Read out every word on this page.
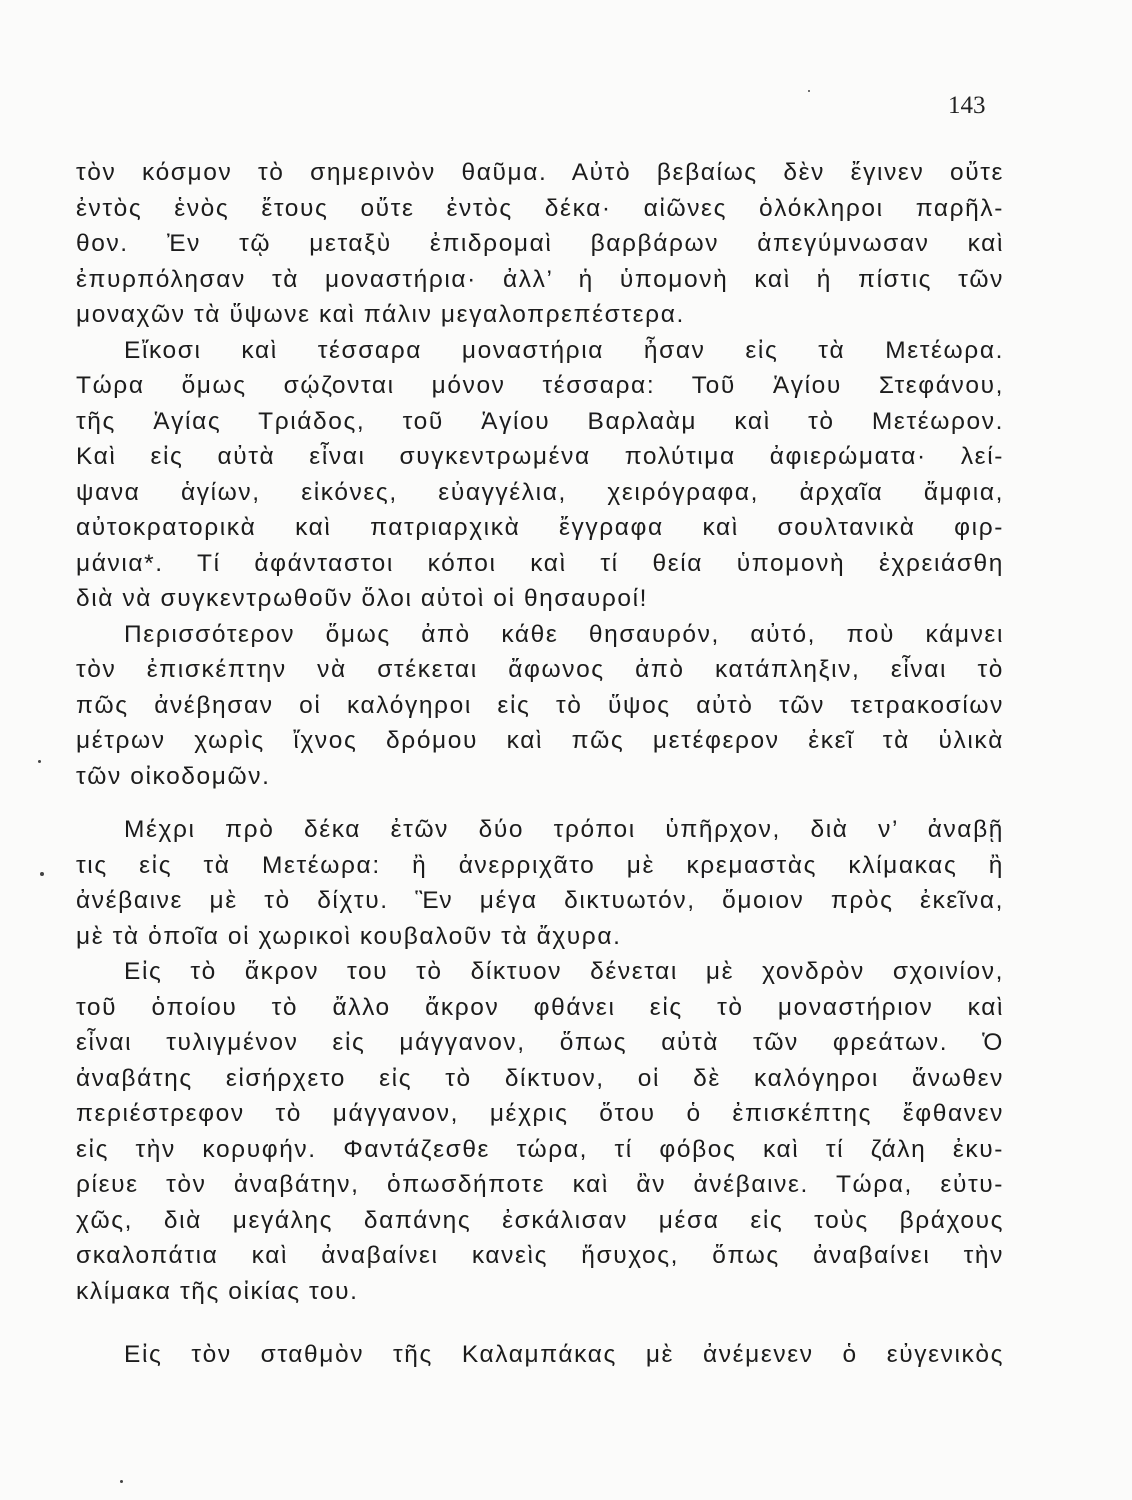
143
τὸν κόσμον τὸ σημερινὸν θαῦμα. Αὐτὸ βεβαίως δὲν ἔγινεν οὔτε
ἐντὸς ἑνὸς ἔτους οὔτε ἐντὸς δέκα· αἰῶνες ὁλόκληροι παρῆλ-
θον. Ἐν τῷ μεταξὺ ἐπιδρομαὶ βαρβάρων ἀπεγύμνωσαν καὶ
ἐπυρπόλησαν τὰ μοναστήρια· ἀλλ’ ἡ ὑπομονὴ καὶ ἡ πίστις τῶν
μοναχῶν τὰ ὕψωνε καὶ πάλιν μεγαλοπρεπέστερα.
Εἴκοσι καὶ τέσσαρα μοναστήρια ἦσαν εἰς τὰ Μετέωρα.
Τώρα ὅμως σῴζονται μόνον τέσσαρα: Τοῦ Ἁγίου Στεφάνου,
τῆς Ἁγίας Τριάδος, τοῦ Ἁγίου Βαρλαὰμ καὶ τὸ Μετέωρον.
Καὶ εἰς αὐτὰ εἶναι συγκεντρωμένα πολύτιμα ἀφιερώματα· λεί-
ψανα ἁγίων, εἰκόνες, εὐαγγέλια, χειρόγραφα, ἀρχαῖα ἄμφια,
αὐτοκρατορικὰ καὶ πατριαρχικὰ ἔγγραφα καὶ σουλτανικὰ φιρ-
μάνια*. Τί ἀφάνταστοι κόποι καὶ τί θεία ὑπομονὴ ἐχρειάσθη
διὰ νὰ συγκεντρωθοῦν ὅλοι αὐτοὶ οἱ θησαυροί!
Περισσότερον ὅμως ἀπὸ κάθε θησαυρόν, αὐτό, ποὺ κάμνει
τὸν ἐπισκέπτην νὰ στέκεται ἄφωνος ἀπὸ κατάπληξιν, εἶναι τὸ
πῶς ἀνέβησαν οἱ καλόγηροι εἰς τὸ ὕψος αὐτὸ τῶν τετρακοσίων
μέτρων χωρὶς ἴχνος δρόμου καὶ πῶς μετέφερον ἐκεῖ τὰ ὑλικὰ
τῶν οἰκοδομῶν.
Μέχρι πρὸ δέκα ἐτῶν δύο τρόποι ὑπῆρχον, διὰ ν’ ἀναβῇ
τις εἰς τὰ Μετέωρα: ἢ ἀνερριχᾶτο μὲ κρεμαστὰς κλίμακας ἢ
ἀνέβαινε μὲ τὸ δίχτυ. Ἓν μέγα δικτυωτόν, ὅμοιον πρὸς ἐκεῖνα,
μὲ τὰ ὁποῖα οἱ χωρικοὶ κουβαλοῦν τὰ ἄχυρα.
Εἰς τὸ ἄκρον του τὸ δίκτυον δένεται μὲ χονδρὸν σχοινίον,
τοῦ ὁποίου τὸ ἄλλο ἄκρον φθάνει εἰς τὸ μοναστήριον καὶ
εἶναι τυλιγμένον εἰς μάγγανον, ὅπως αὐτὰ τῶν φρεάτων. Ὁ
ἀναβάτης εἰσήρχετο εἰς τὸ δίκτυον, οἱ δὲ καλόγηροι ἄνωθεν
περιέστρεφον τὸ μάγγανον, μέχρις ὅτου ὁ ἐπισκέπτης ἔφθανεν
εἰς τὴν κορυφήν. Φαντάζεσθε τώρα, τί φόβος καὶ τί ζάλη ἐκυ-
ρίευε τὸν ἀναβάτην, ὁπωσδήποτε καὶ ἂν ἀνέβαινε. Τώρα, εὐτυ-
χῶς, διὰ μεγάλης δαπάνης ἐσκάλισαν μέσα εἰς τοὺς βράχους
σκαλοπάτια καὶ ἀναβαίνει κανεὶς ἥσυχος, ὅπως ἀναβαίνει τὴν
κλίμακα τῆς οἰκίας του.
Εἰς τὸν σταθμὸν τῆς Καλαμπάκας μὲ ἀνέμενεν ὁ εὐγενικὸς
